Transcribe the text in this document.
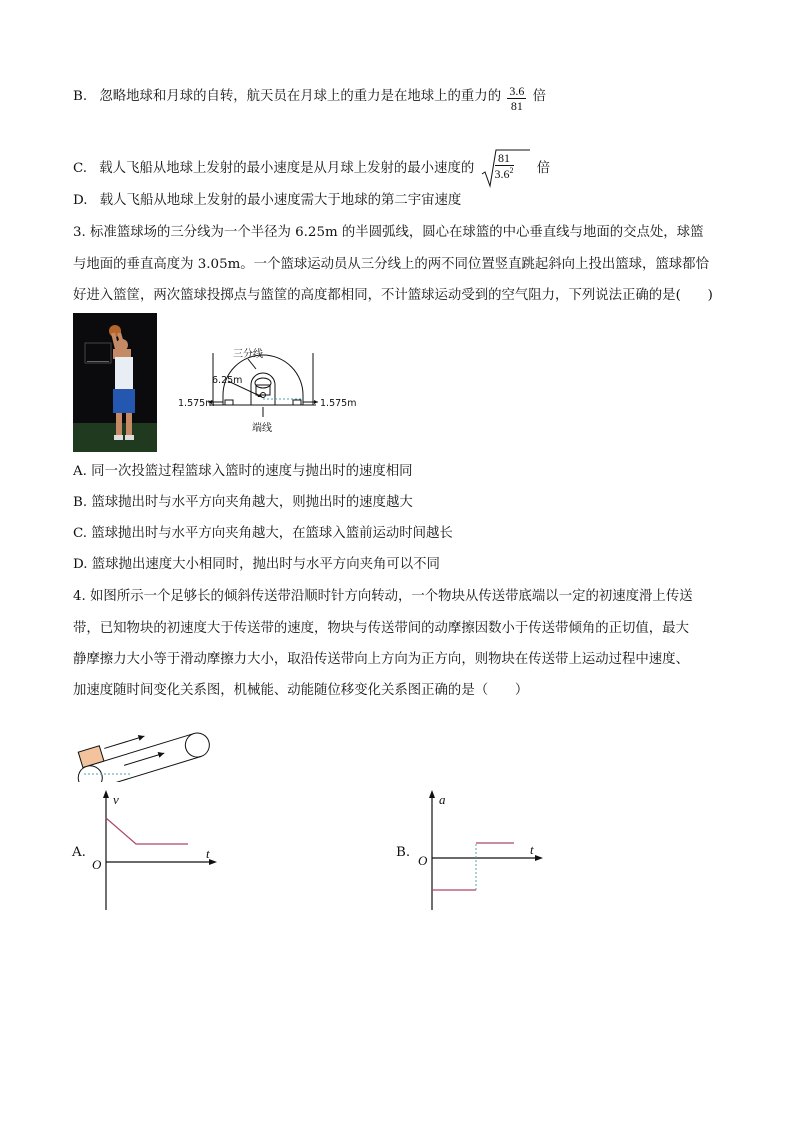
B. 忽略地球和月球的自转，航天员在月球上的重力是在地球上的重力的 $\frac{3.6}{81}$ 倍
C. 载人飞船从地球上发射的最小速度是从月球上发射的最小速度的 $\frac{81}{3.6^2}$ 倍
D. 载人飞船从地球上发射的最小速度需大于地球的第二宇宙速度
3. 标准篮球场的三分线为一个半径为 6.25m 的半圆弧线，圆心在球篮的中心垂直线与地面的交点处，球篮
与地面的垂直高度为 3.05m。一个篮球运动员从三分线上的两不同位置竖直跳起斜向上投出篮球，篮球都恰
好进入篮筐，两次篮球投掷点与篮筐的高度都相同，不计篮球运动受到的空气阻力，下列说法正确的是(　　)
三分线
6.25m
1.575m	1.575m
端线
A. 同一次投篮过程篮球入篮时的速度与抛出时的速度相同
B. 篮球抛出时与水平方向夹角越大，则抛出时的速度越大
C. 篮球抛出时与水平方向夹角越大，在篮球入篮前运动时间越长
D. 篮球抛出速度大小相同时，抛出时与水平方向夹角可以不同
4. 如图所示一个足够长的倾斜传送带沿顺时针方向转动，一个物块从传送带底端以一定的初速度滑上传送
带，已知物块的初速度大于传送带的速度，物块与传送带间的动摩擦因数小于传送带倾角的正切值，最大
静摩擦力大小等于滑动摩擦力大小，取沿传送带向上方向为正方向，则物块在传送带上运动过程中速度、
加速度随时间变化关系图，机械能、动能随位移变化关系图正确的是（　　）
A.
v
t
O
B.
a
t
O
